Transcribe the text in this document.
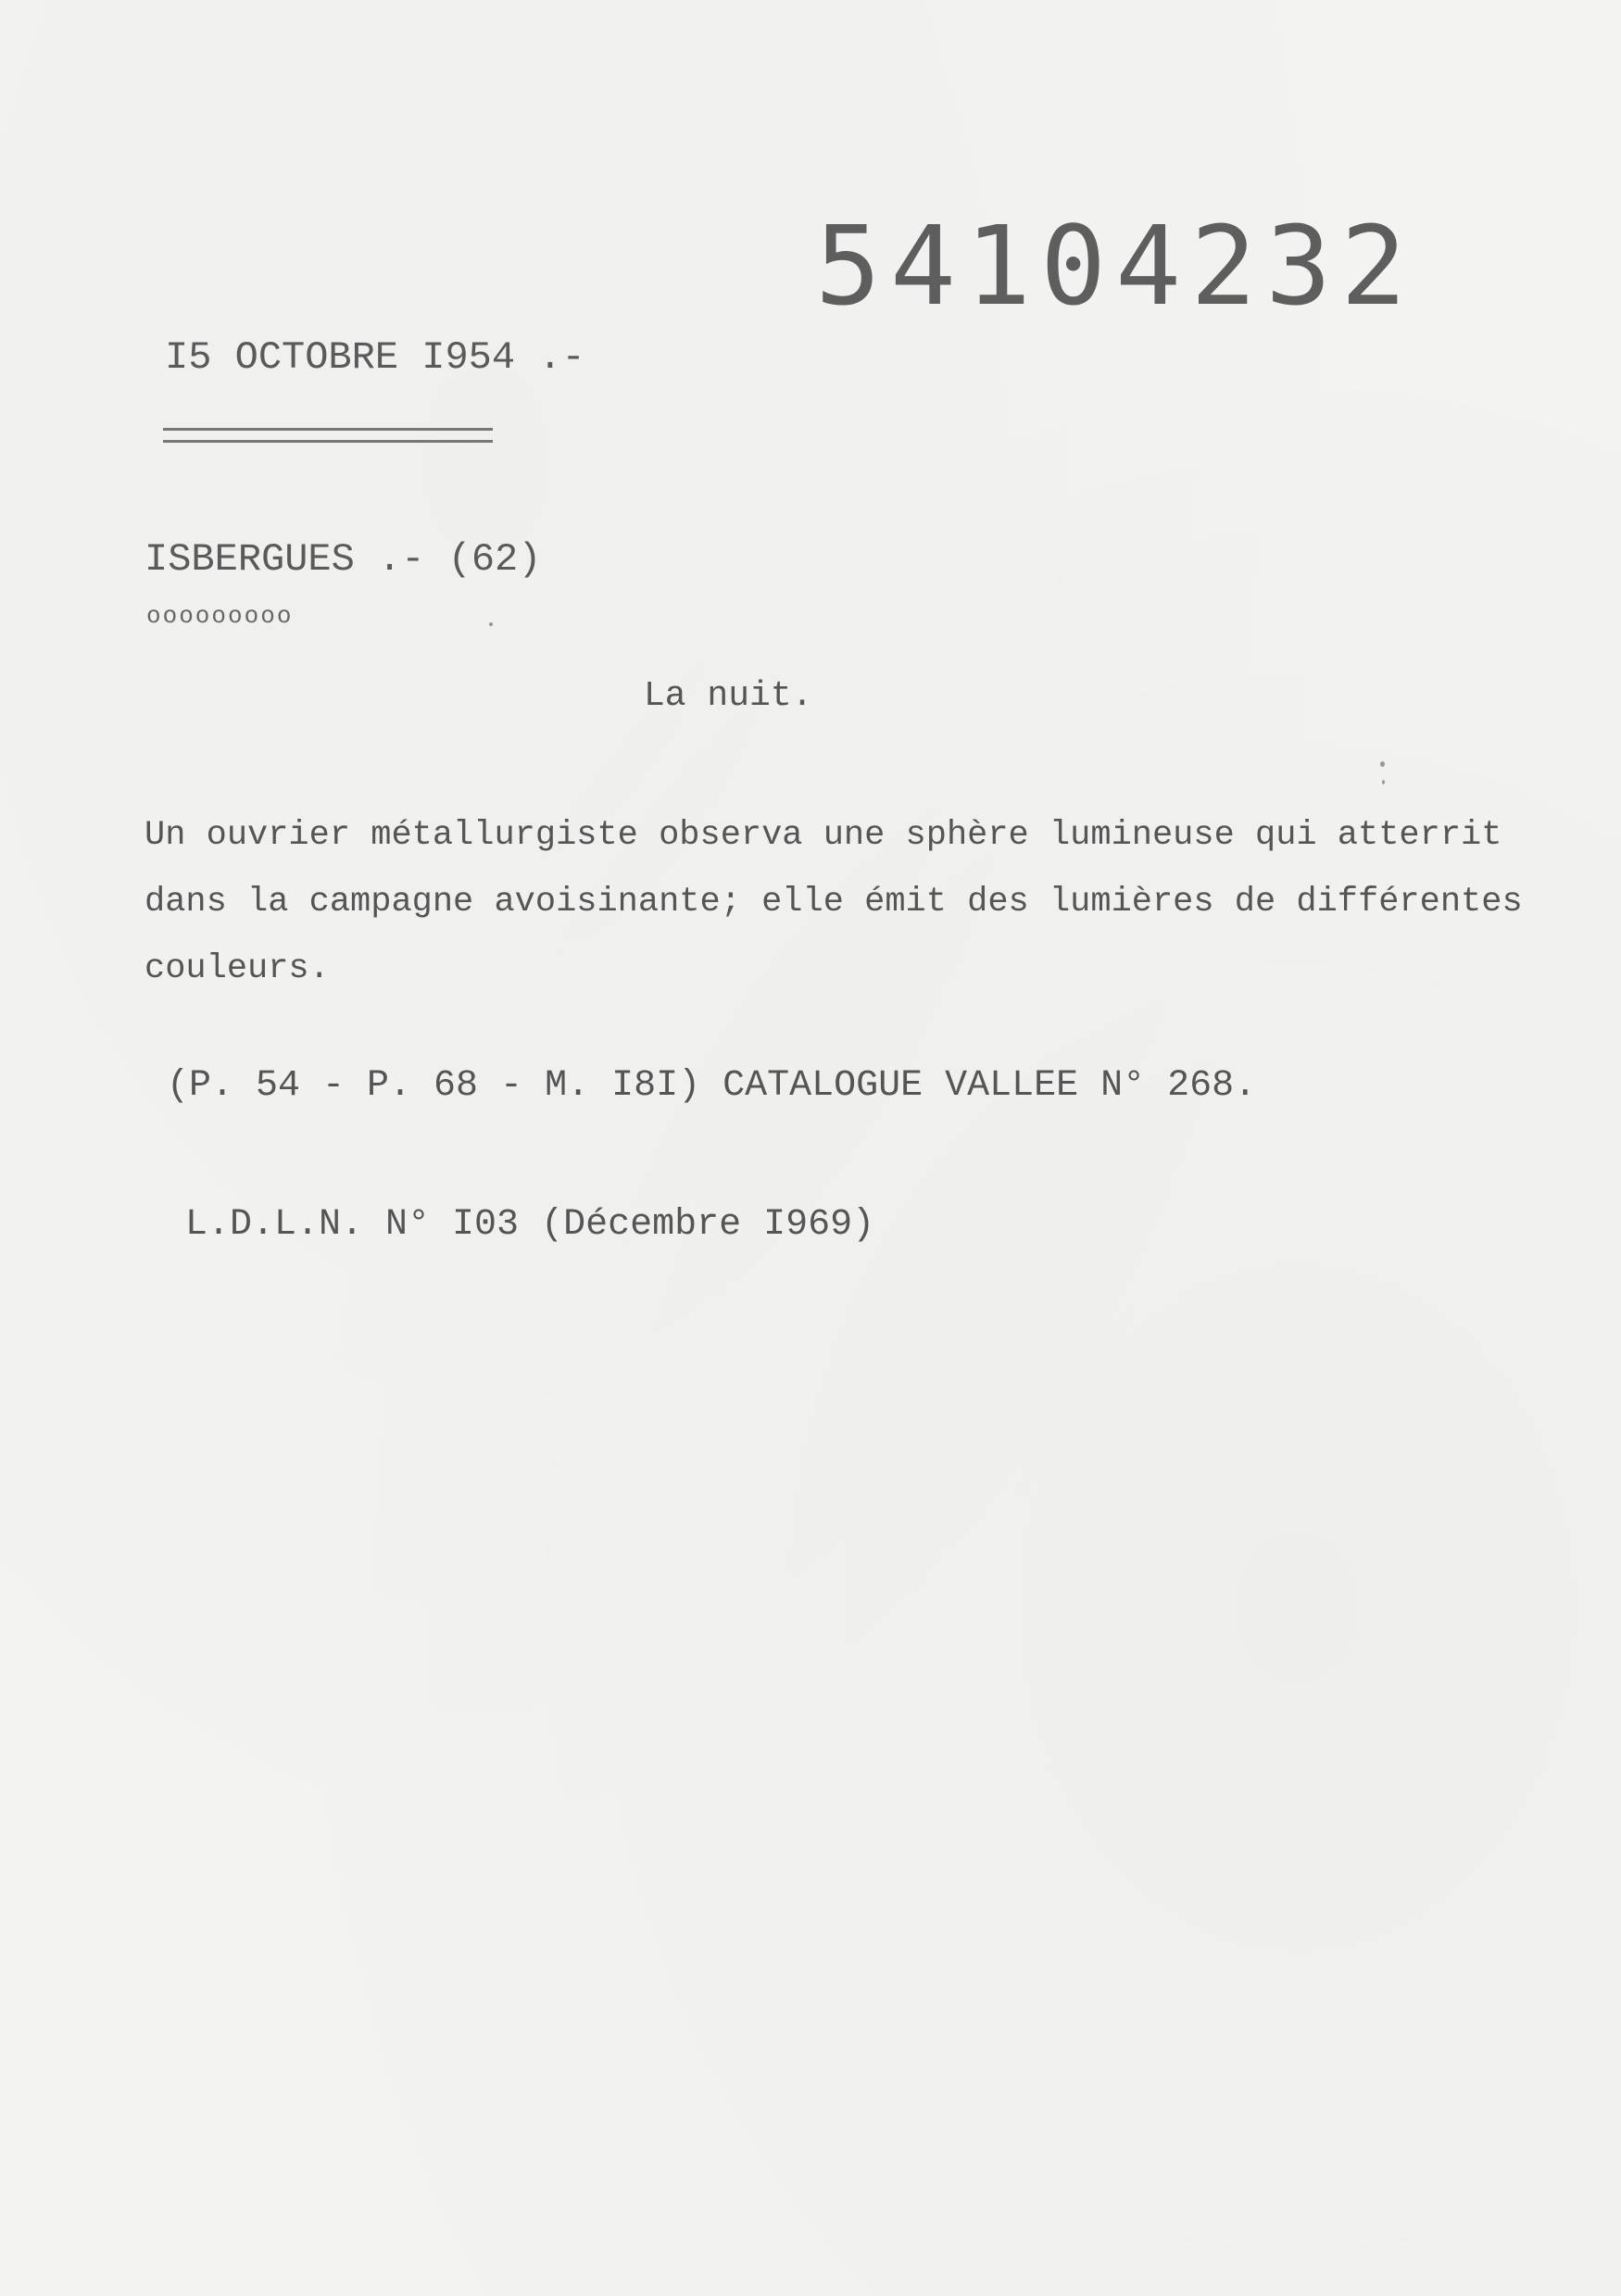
54104232
I5 OCTOBRE I954 .-
ISBERGUES .- (62)
ooooooooo
La nuit.
Un ouvrier métallurgiste observa une sphère lumineuse qui atterrit
dans la campagne avoisinante; elle émit des lumières de différentes
couleurs.
(P. 54 - P. 68 - M. I8I) CATALOGUE VALLEE N° 268.
L.D.L.N. N° I03 (Décembre I969)
